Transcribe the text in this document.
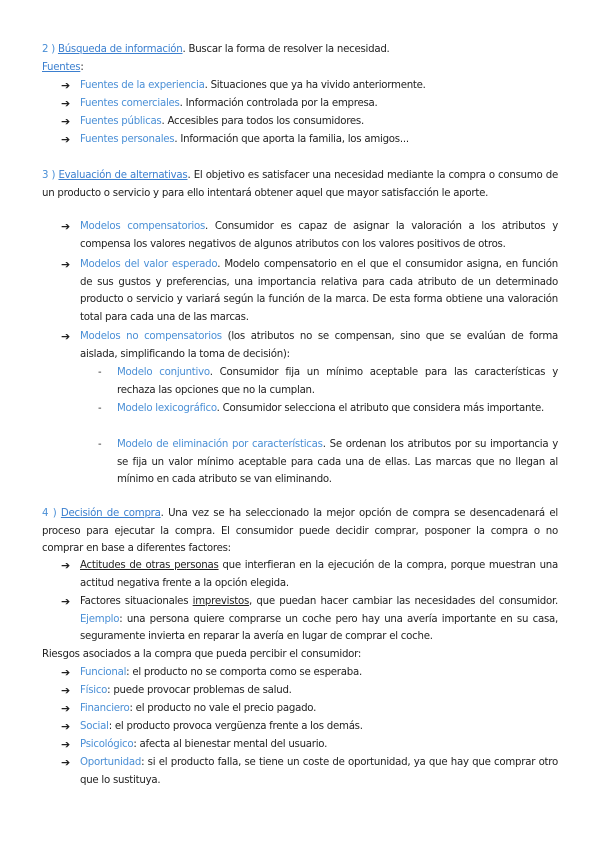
2 ) Búsqueda de información. Buscar la forma de resolver la necesidad.
Fuentes:
➔ Fuentes de la experiencia. Situaciones que ya ha vivido anteriormente.
➔ Fuentes comerciales. Información controlada por la empresa.
➔ Fuentes públicas. Accesibles para todos los consumidores.
➔ Fuentes personales. Información que aporta la familia, los amigos...
3 ) Evaluación de alternativas. El objetivo es satisfacer una necesidad mediante la compra o consumo de un producto o servicio y para ello intentará obtener aquel que mayor satisfacción le aporte.
➔ Modelos compensatorios. Consumidor es capaz de asignar la valoración a los atributos y compensa los valores negativos de algunos atributos con los valores positivos de otros.
➔ Modelos del valor esperado. Modelo compensatorio en el que el consumidor asigna, en función de sus gustos y preferencias, una importancia relativa para cada atributo de un determinado producto o servicio y variará según la función de la marca. De esta forma obtiene una valoración total para cada una de las marcas.
➔ Modelos no compensatorios (los atributos no se compensan, sino que se evalúan de forma aislada, simplificando la toma de decisión):
- Modelo conjuntivo. Consumidor fija un mínimo aceptable para las características y rechaza las opciones que no la cumplan.
- Modelo lexicográfico. Consumidor selecciona el atributo que considera más importante.
- Modelo de eliminación por características. Se ordenan los atributos por su importancia y se fija un valor mínimo aceptable para cada una de ellas. Las marcas que no llegan al mínimo en cada atributo se van eliminando.
4 ) Decisión de compra. Una vez se ha seleccionado la mejor opción de compra se desencadenará el proceso para ejecutar la compra. El consumidor puede decidir comprar, posponer la compra o no comprar en base a diferentes factores:
➔ Actitudes de otras personas que interfieran en la ejecución de la compra, porque muestran una actitud negativa frente a la opción elegida.
➔ Factores situacionales imprevistos, que puedan hacer cambiar las necesidades del consumidor. Ejemplo: una persona quiere comprarse un coche pero hay una avería importante en su casa, seguramente invierta en reparar la avería en lugar de comprar el coche.
Riesgos asociados a la compra que pueda percibir el consumidor:
➔ Funcional: el producto no se comporta como se esperaba.
➔ Físico: puede provocar problemas de salud.
➔ Financiero: el producto no vale el precio pagado.
➔ Social: el producto provoca vergüenza frente a los demás.
➔ Psicológico: afecta al bienestar mental del usuario.
➔ Oportunidad: si el producto falla, se tiene un coste de oportunidad, ya que hay que comprar otro que lo sustituya.
